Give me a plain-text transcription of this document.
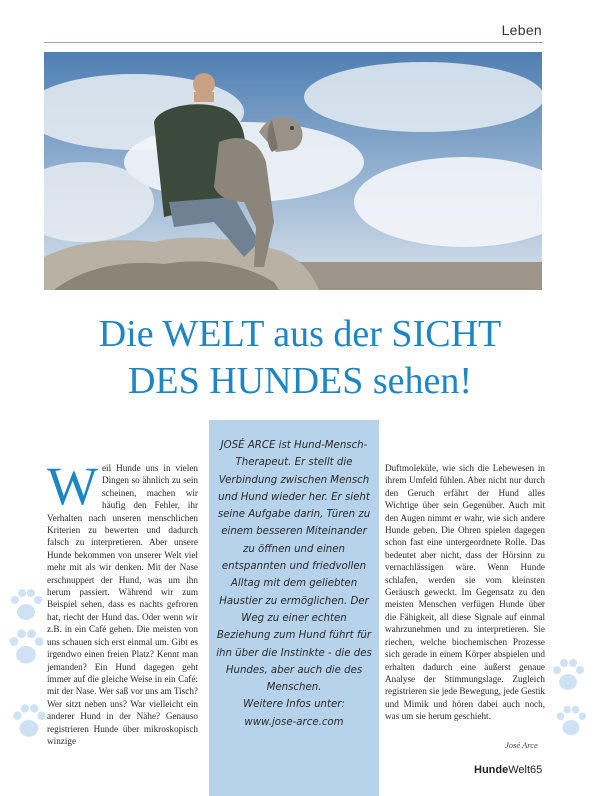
Leben
Die WELT aus der SICHT
DES HUNDES sehen!
Weil Hunde uns in vielen Dingen so ähnlich zu sein scheinen, machen wir häufig den Fehler, ihr Verhalten nach unseren menschlichen Kriterien zu bewerten und dadurch falsch zu interpretieren. Aber unsere Hunde bekommen von unserer Welt viel mehr mit als wir denken. Mit der Nase erschnuppert der Hund, was um ihn herum passiert. Während wir zum Beispiel sehen, dass es nachts gefroren hat, riecht der Hund das. Oder wenn wir z.B. in ein Café gehen. Die meisten von uns schauen sich erst einmal um. Gibt es irgendwo einen freien Platz? Kennt man jemanden? Ein Hund dagegen geht immer auf die gleiche Weise in ein Café: mit der Nase. Wer saß vor uns am Tisch? Wer sitzt neben uns? War vielleicht ein anderer Hund in der Nähe? Genauso registrieren Hunde über mikroskopisch winzige
JOSÉ ARCE ist Hund-Mensch-Therapeut. Er stellt die Verbindung zwischen Mensch und Hund wieder her. Er sieht seine Aufgabe darin, Türen zu einem besseren Miteinander zu öffnen und einen entspannten und friedvollen Alltag mit dem geliebten Haustier zu ermöglichen. Der Weg zu einer echten Beziehung zum Hund führt für ihn über die Instinkte - die des Hundes, aber auch die des Menschen.
Weitere Infos unter:
www.jose-arce.com
Duftmoleküle, wie sich die Lebewesen in ihrem Umfeld fühlen. Aber nicht nur durch den Geruch erfährt der Hund alles Wichtige über sein Gegenüber. Auch mit den Augen nimmt er wahr, wie sich andere Hunde geben. Die Ohren spielen dagegen schon fast eine untergeordnete Rolle. Das bedeutet aber nicht, dass der Hörsinn zu vernachlässigen wäre. Wenn Hunde schlafen, werden sie vom kleinsten Geräusch geweckt. Im Gegensatz zu den meisten Menschen verfügen Hunde über die Fähigkeit, all diese Signale auf einmal wahrzunehmen und zu interpretieren. Sie riechen, welche biochemischen Prozesse sich gerade in einem Körper abspielen und erhalten dadurch eine äußerst genaue Analyse der Stimmungslage. Zugleich registrieren sie jede Bewegung, jede Gestik und Mimik und hören dabei auch noch, was um sie herum geschieht.
José Arce
HundeWelt 65
